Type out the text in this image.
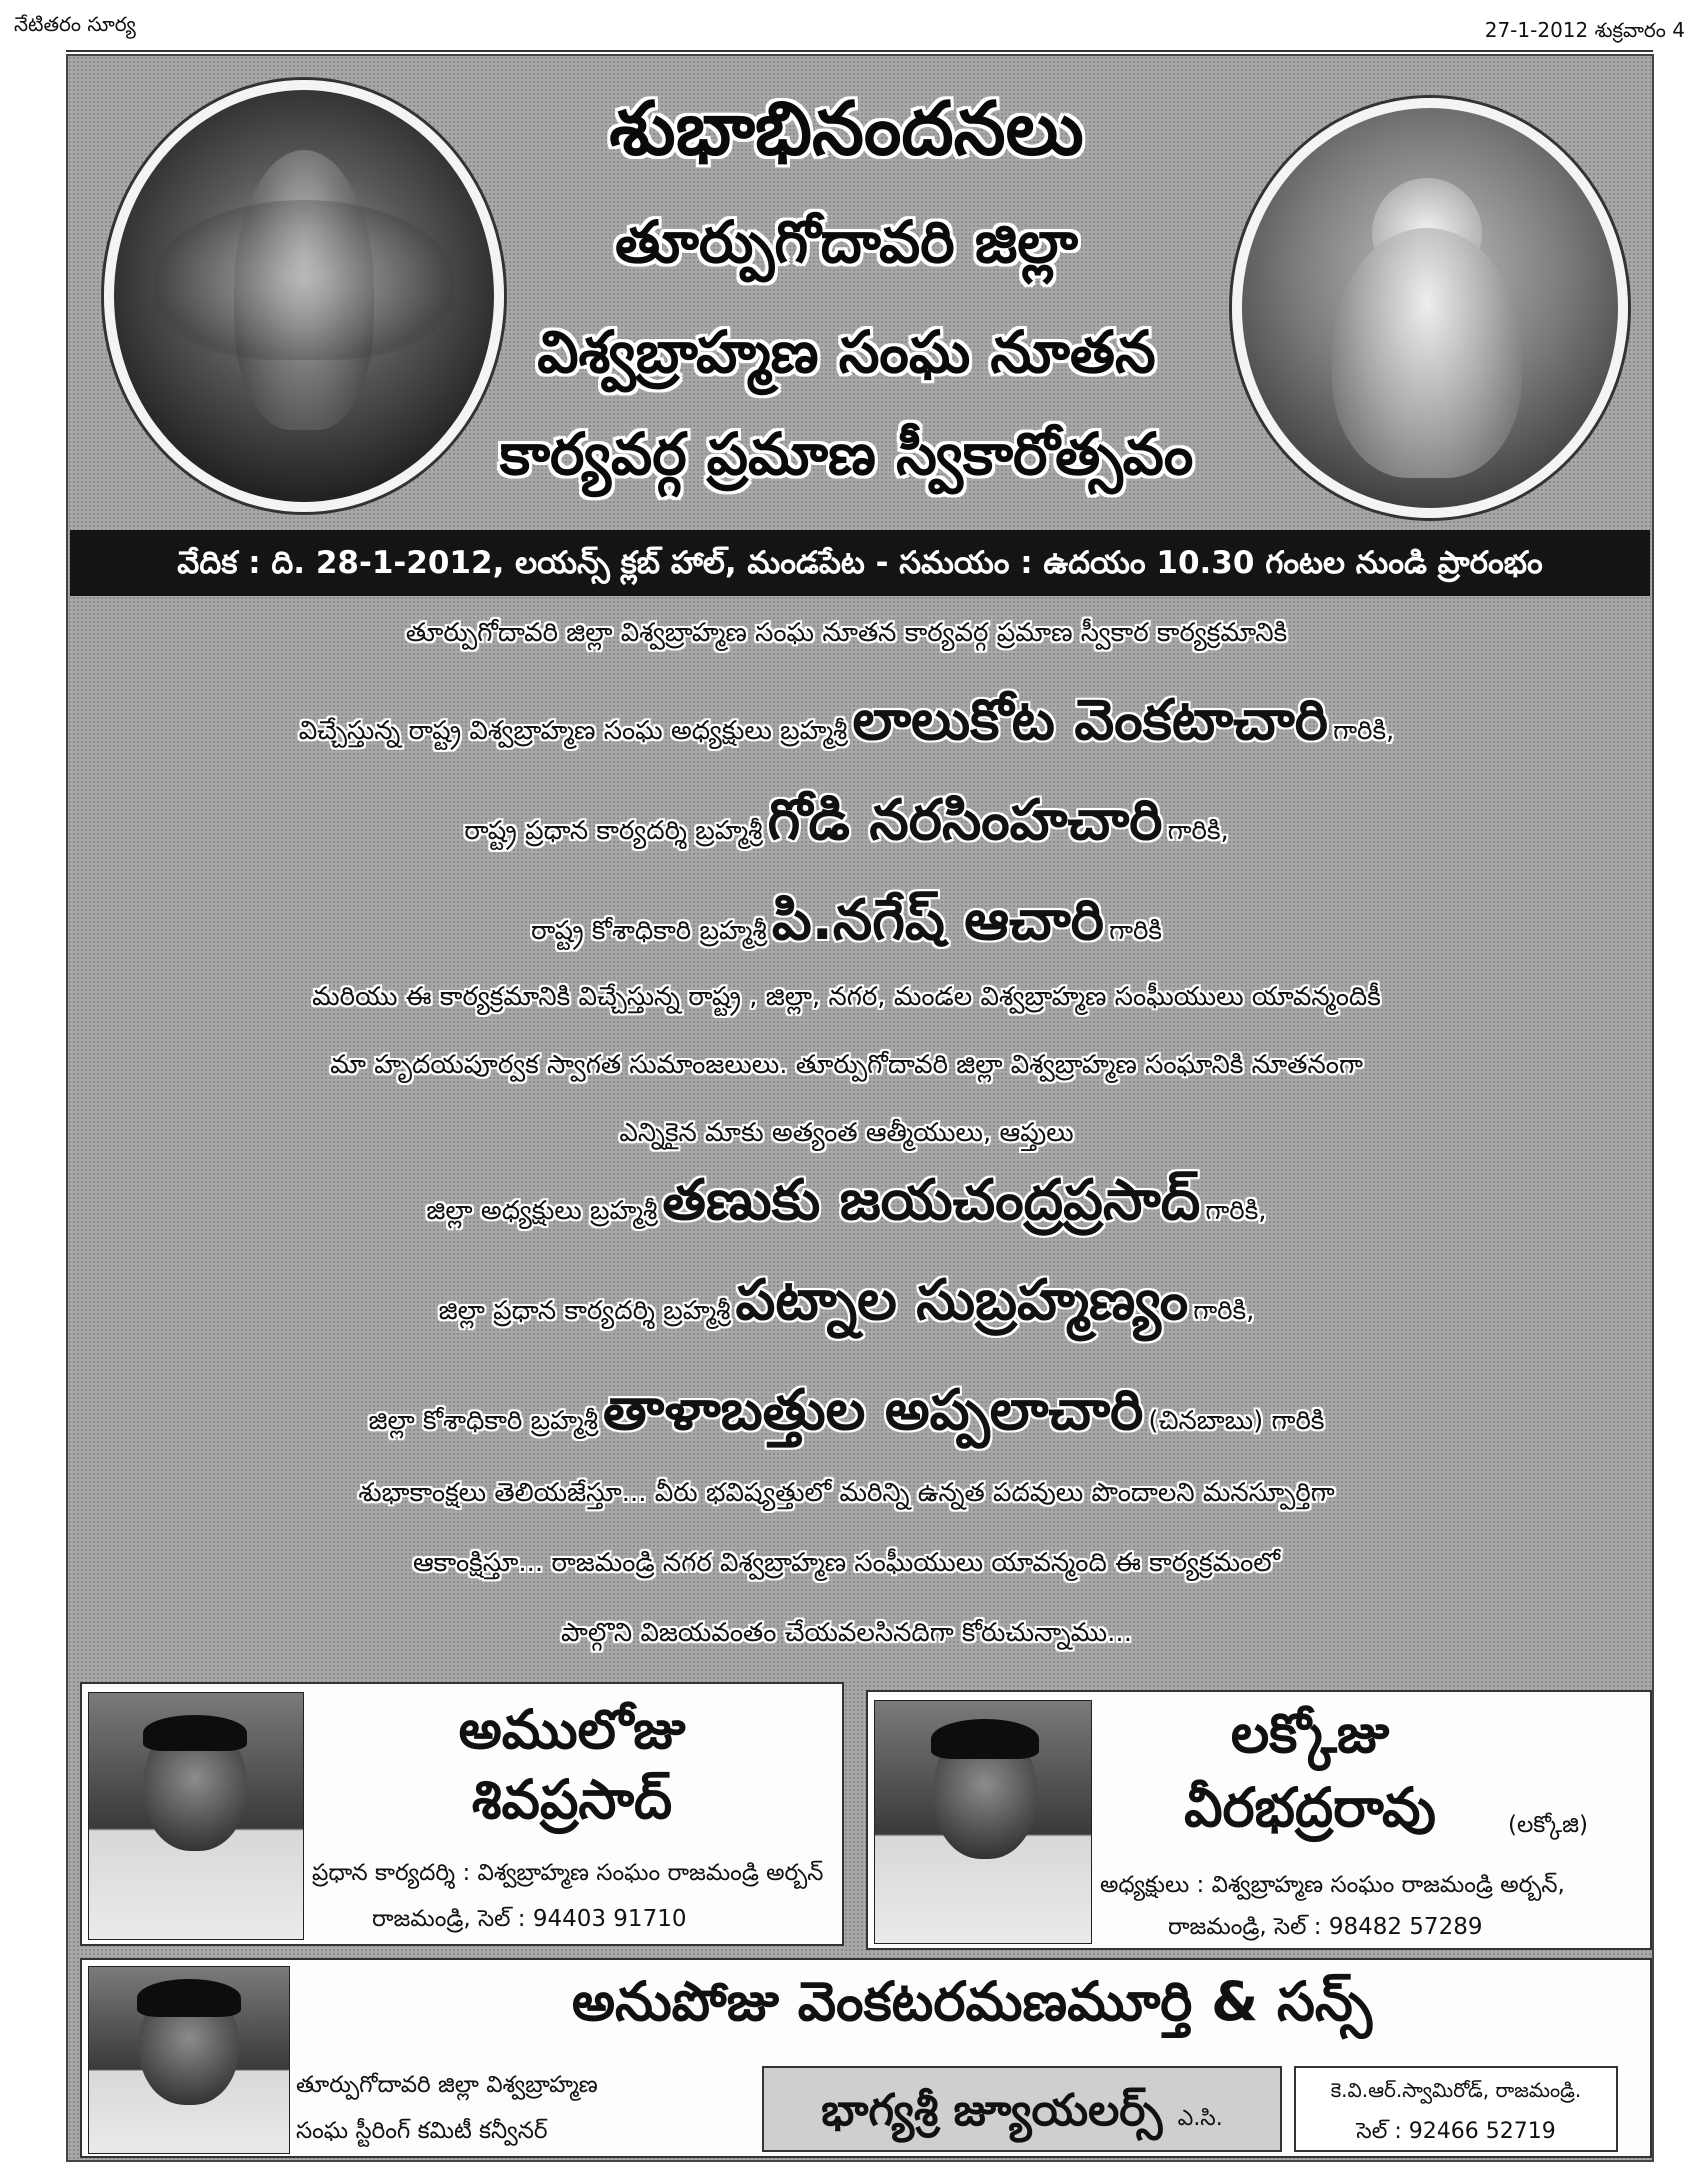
నేటితరం సూర్య	27-1-2012 శుక్రవారం 4
శుభాభినందనలు
తూర్పుగోదావరి జిల్లా
విశ్వబ్రాహ్మణ సంఘ నూతన
కార్యవర్గ ప్రమాణ స్వీకారోత్సవం
వేదిక : ది. 28-1-2012, లయన్స్ క్లబ్ హాల్, మండపేట - సమయం : ఉదయం 10.30 గంటల నుండి ప్రారంభం
తూర్పుగోదావరి జిల్లా విశ్వబ్రాహ్మణ సంఘ నూతన కార్యవర్గ ప్రమాణ స్వీకార కార్యక్రమానికి
విచ్చేస్తున్న రాష్ట్ర విశ్వబ్రాహ్మణ సంఘ అధ్యక్షులు బ్రహ్మశ్రీ లాలుకోట వెంకటాచారి గారికి,
రాష్ట్ర ప్రధాన కార్యదర్శి బ్రహ్మశ్రీ గోడి నరసింహచారి గారికి,
రాష్ట్ర కోశాధికారి బ్రహ్మశ్రీ పి.నగేష్ ఆచారి గారికి
మరియు ఈ కార్యక్రమానికి విచ్చేస్తున్న రాష్ట్ర , జిల్లా, నగర, మండల విశ్వబ్రాహ్మణ సంఘీయులు యావన్మందికీ
మా హృదయపూర్వక స్వాగత సుమాంజలులు. తూర్పుగోదావరి జిల్లా విశ్వబ్రాహ్మణ సంఘానికి నూతనంగా
ఎన్నికైన మాకు అత్యంత ఆత్మీయులు, ఆప్తులు
జిల్లా అధ్యక్షులు బ్రహ్మశ్రీ తణుకు జయచంద్రప్రసాద్ గారికి,
జిల్లా ప్రధాన కార్యదర్శి బ్రహ్మశ్రీ పట్నాల సుబ్రహ్మణ్యం గారికి,
జిల్లా కోశాధికారి బ్రహ్మశ్రీ తాళాబత్తుల అప్పలాచారి (చినబాబు) గారికి
శుభాకాంక్షలు తెలియజేస్తూ... వీరు భవిష్యత్తులో మరిన్ని ఉన్నత పదవులు పొందాలని మనస్పూర్తిగా
ఆకాంక్షిస్తూ... రాజమండ్రి నగర విశ్వబ్రాహ్మణ సంఘీయులు యావన్మంది ఈ కార్యక్రమంలో
పాల్గొని విజయవంతం చేయవలసినదిగా కోరుచున్నాము...
అములోజు
శివప్రసాద్
ప్రధాన కార్యదర్శి : విశ్వబ్రాహ్మణ సంఘం రాజమండ్రి అర్బన్
రాజమండ్రి, సెల్ : 94403 91710
లక్కోజు
వీరభద్రరావు	(లక్కోజి)
అధ్యక్షులు : విశ్వబ్రాహ్మణ సంఘం రాజమండ్రి అర్బన్,
రాజమండ్రి, సెల్ : 98482 57289
అనుపోజు వెంకటరమణమూర్తి & సన్స్
తూర్పుగోదావరి జిల్లా విశ్వబ్రాహ్మణ
సంఘ స్టీరింగ్ కమిటీ కన్వీనర్	భాగ్యశ్రీ జ్యూయలర్స్ ఎ.సి.
కె.వి.ఆర్.స్వామిరోడ్, రాజమండ్రి.
సెల్ : 92466 52719
